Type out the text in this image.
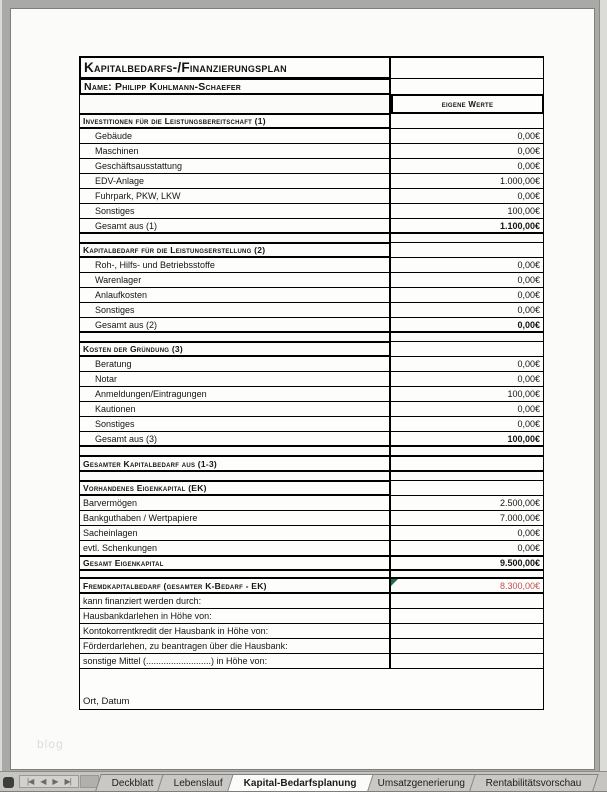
Kapitalbedarfs-/Finanzierungsplan
Name: Philipp Kuhlmann-Schaefer
eigene Werte
Investitionen für die Leistungsbereitschaft (1)
Gebäude	0,00€
Maschinen	0,00€
Geschäftsausstattung	0,00€
EDV-Anlage	1.000,00€
Fuhrpark, PKW, LKW	0,00€
Sonstiges	100,00€
Gesamt aus (1)	1.100,00€
Kapitalbedarf für die Leistungserstellung (2)
Roh-, Hilfs- und Betriebsstoffe	0,00€
Warenlager	0,00€
Anlaufkosten	0,00€
Sonstiges	0,00€
Gesamt aus (2)	0,00€
Kosten der Gründung (3)
Beratung	0,00€
Notar	0,00€
Anmeldungen/Eintragungen	100,00€
Kautionen	0,00€
Sonstiges	0,00€
Gesamt aus (3)	100,00€
Gesamter Kapitalbedarf aus (1-3)
Vorhandenes Eigenkapital (EK)
Barvermögen	2.500,00€
Bankguthaben / Wertpapiere	7.000,00€
Sacheinlagen	0,00€
evtl. Schenkungen	0,00€
Gesamt Eigenkapital	9.500,00€
Fremdkapitalbedarf (gesamter K-Bedarf - EK)	8.300,00€
kann finanziert werden durch:
Hausbankdarlehen in Höhe von:
Kontokorrentkredit der Hausbank in Höhe von:
Förderdarlehen, zu beantragen über die Hausbank:
sonstige Mittel (..........................) in Höhe von:
Ort, Datum
blog
|◀ ◀ ▶ ▶|	Deckblatt Lebenslauf Kapital-Bedarfsplanung Umsatzgenerierung Rentabilitätsvorschau
